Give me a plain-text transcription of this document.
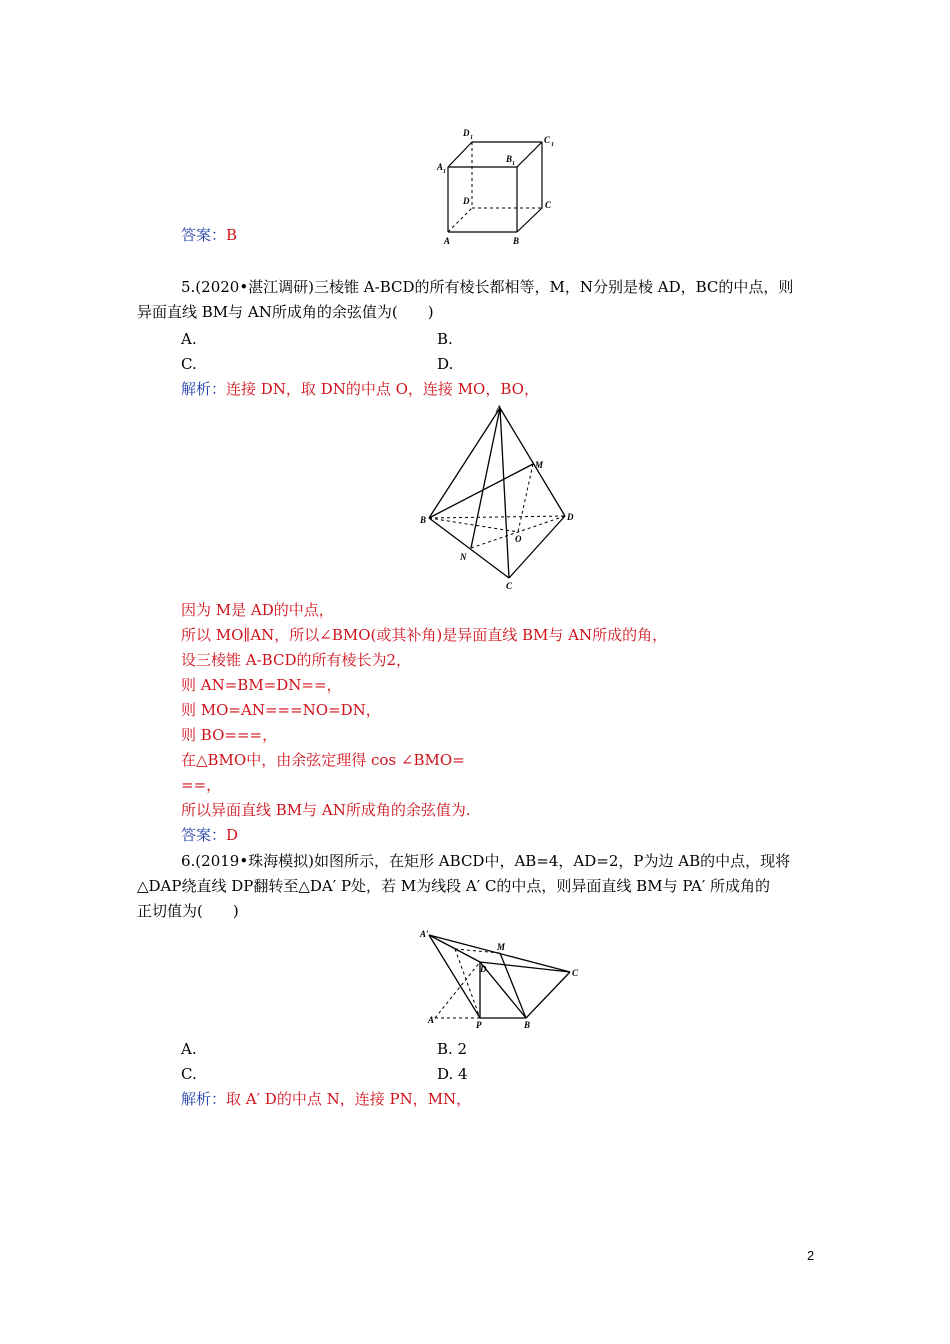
D 1	C 1
A 1
B 1
D	C
A	B
答案：B
5.(2020•湛江调研)三棱锥 A-BCD的所有棱长都相等，M，N分别是棱 AD，BC的中点，则
异面直线 BM与 AN所成角的余弦值为(　　)
A.	B.
C.	D.
解析：连接 DN，取 DN的中点 O，连接 MO，BO，
A
M
B	D
O
N
C
因为 M是 AD的中点，
所以 MO∥AN，所以∠BMO(或其补角)是异面直线 BM与 AN所成的角，
设三棱锥 A-BCD的所有棱长为2，
则 AN=BM=DN==，
则 MO=AN===NO=DN，
则 BO===，
在△BMO中，由余弦定理得 cos ∠BMO=
==，
所以异面直线 BM与 AN所成角的余弦值为.
答案：D
6.(2019•珠海模拟)如图所示，在矩形 ABCD中，AB=4，AD=2，P为边 AB的中点，现将
△DAP绕直线 DP翻转至△DA′ P处，若 M为线段 A′ C的中点，则异面直线 BM与 PA′ 所成角的
正切值为(　　)
A′
M
D	C
A	P	B
A.	B. 2
C.	D. 4
解析：取 A′ D的中点 N，连接 PN，MN，
2
